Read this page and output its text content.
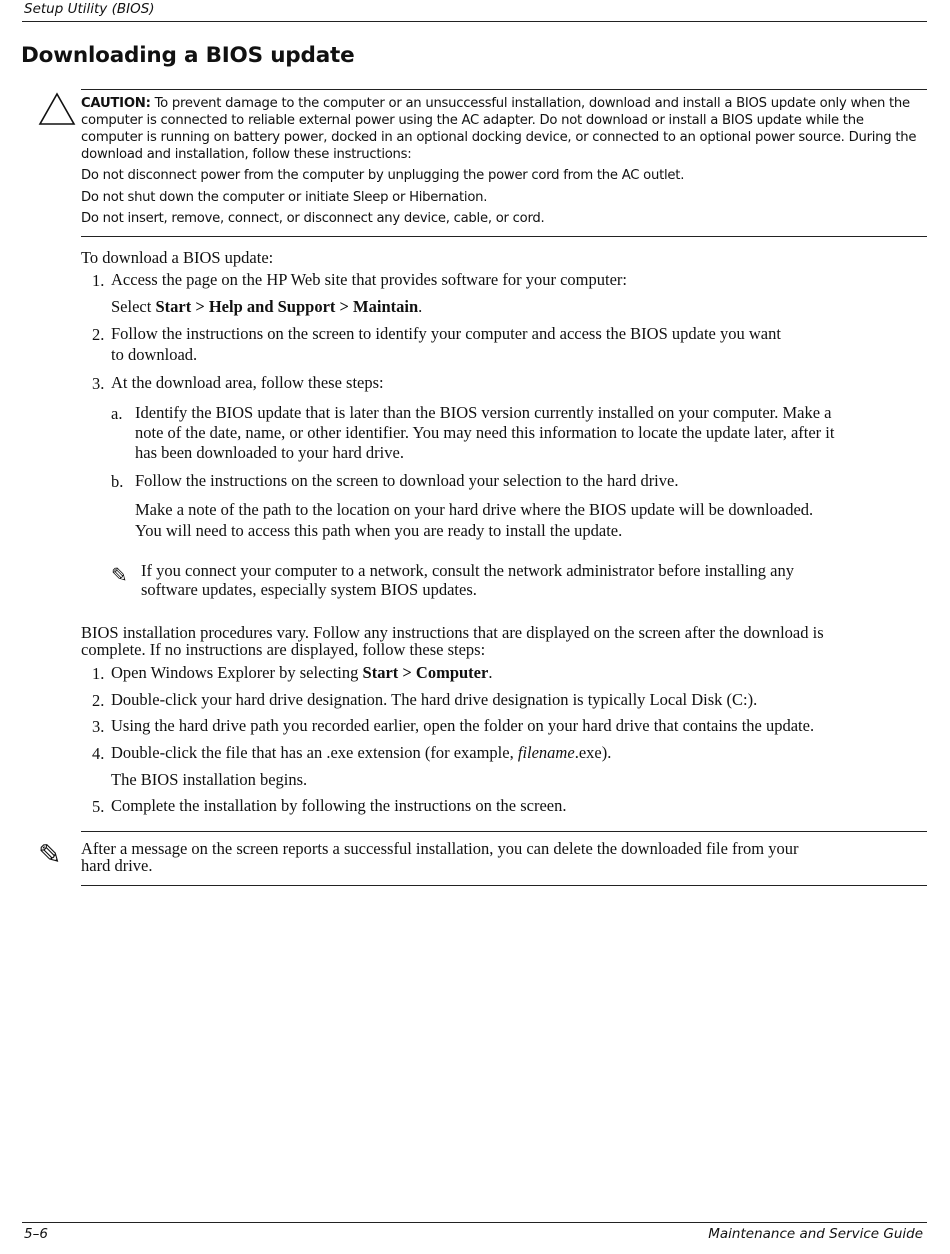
Setup Utility (BIOS)
Downloading a BIOS update

CAUTION: To prevent damage to the computer or an unsuccessful installation, download and install a BIOS update only when the computer is connected to reliable external power using the AC adapter. Do not download or install a BIOS update while the computer is running on battery power, docked in an optional docking device, or connected to an optional power source. During the download and installation, follow these instructions:

Do not disconnect power from the computer by unplugging the power cord from the AC outlet.

Do not shut down the computer or initiate Sleep or Hibernation.

Do not insert, remove, connect, or disconnect any device, cable, or cord.

To download a BIOS update:

1. Access the page on the HP Web site that provides software for your computer:

Select Start > Help and Support > Maintain.

2. Follow the instructions on the screen to identify your computer and access the BIOS update you want

to download.

3. At the download area, follow these steps:

a. Identify the BIOS update that is later than the BIOS version currently installed on your computer. Make a

note of the date, name, or other identifier. You may need this information to locate the update later, after it

has been downloaded to your hard drive.

b. Follow the instructions on the screen to download your selection to the hard drive.

Make a note of the path to the location on your hard drive where the BIOS update will be downloaded.

You will need to access this path when you are ready to install the update.

✎ If you connect your computer to a network, consult the network administrator before installing any

software updates, especially system BIOS updates.

BIOS installation procedures vary. Follow any instructions that are displayed on the screen after the download is

complete. If no instructions are displayed, follow these steps:

1. Open Windows Explorer by selecting Start > Computer.

2. Double-click your hard drive designation. The hard drive designation is typically Local Disk (C:).

3. Using the hard drive path you recorded earlier, open the folder on your hard drive that contains the update.

4. Double-click the file that has an .exe extension (for example, filename.exe).

The BIOS installation begins.

5. Complete the installation by following the instructions on the screen.

✎ After a message on the screen reports a successful installation, you can delete the downloaded file from your

hard drive.

5–6	Maintenance and Service Guide
